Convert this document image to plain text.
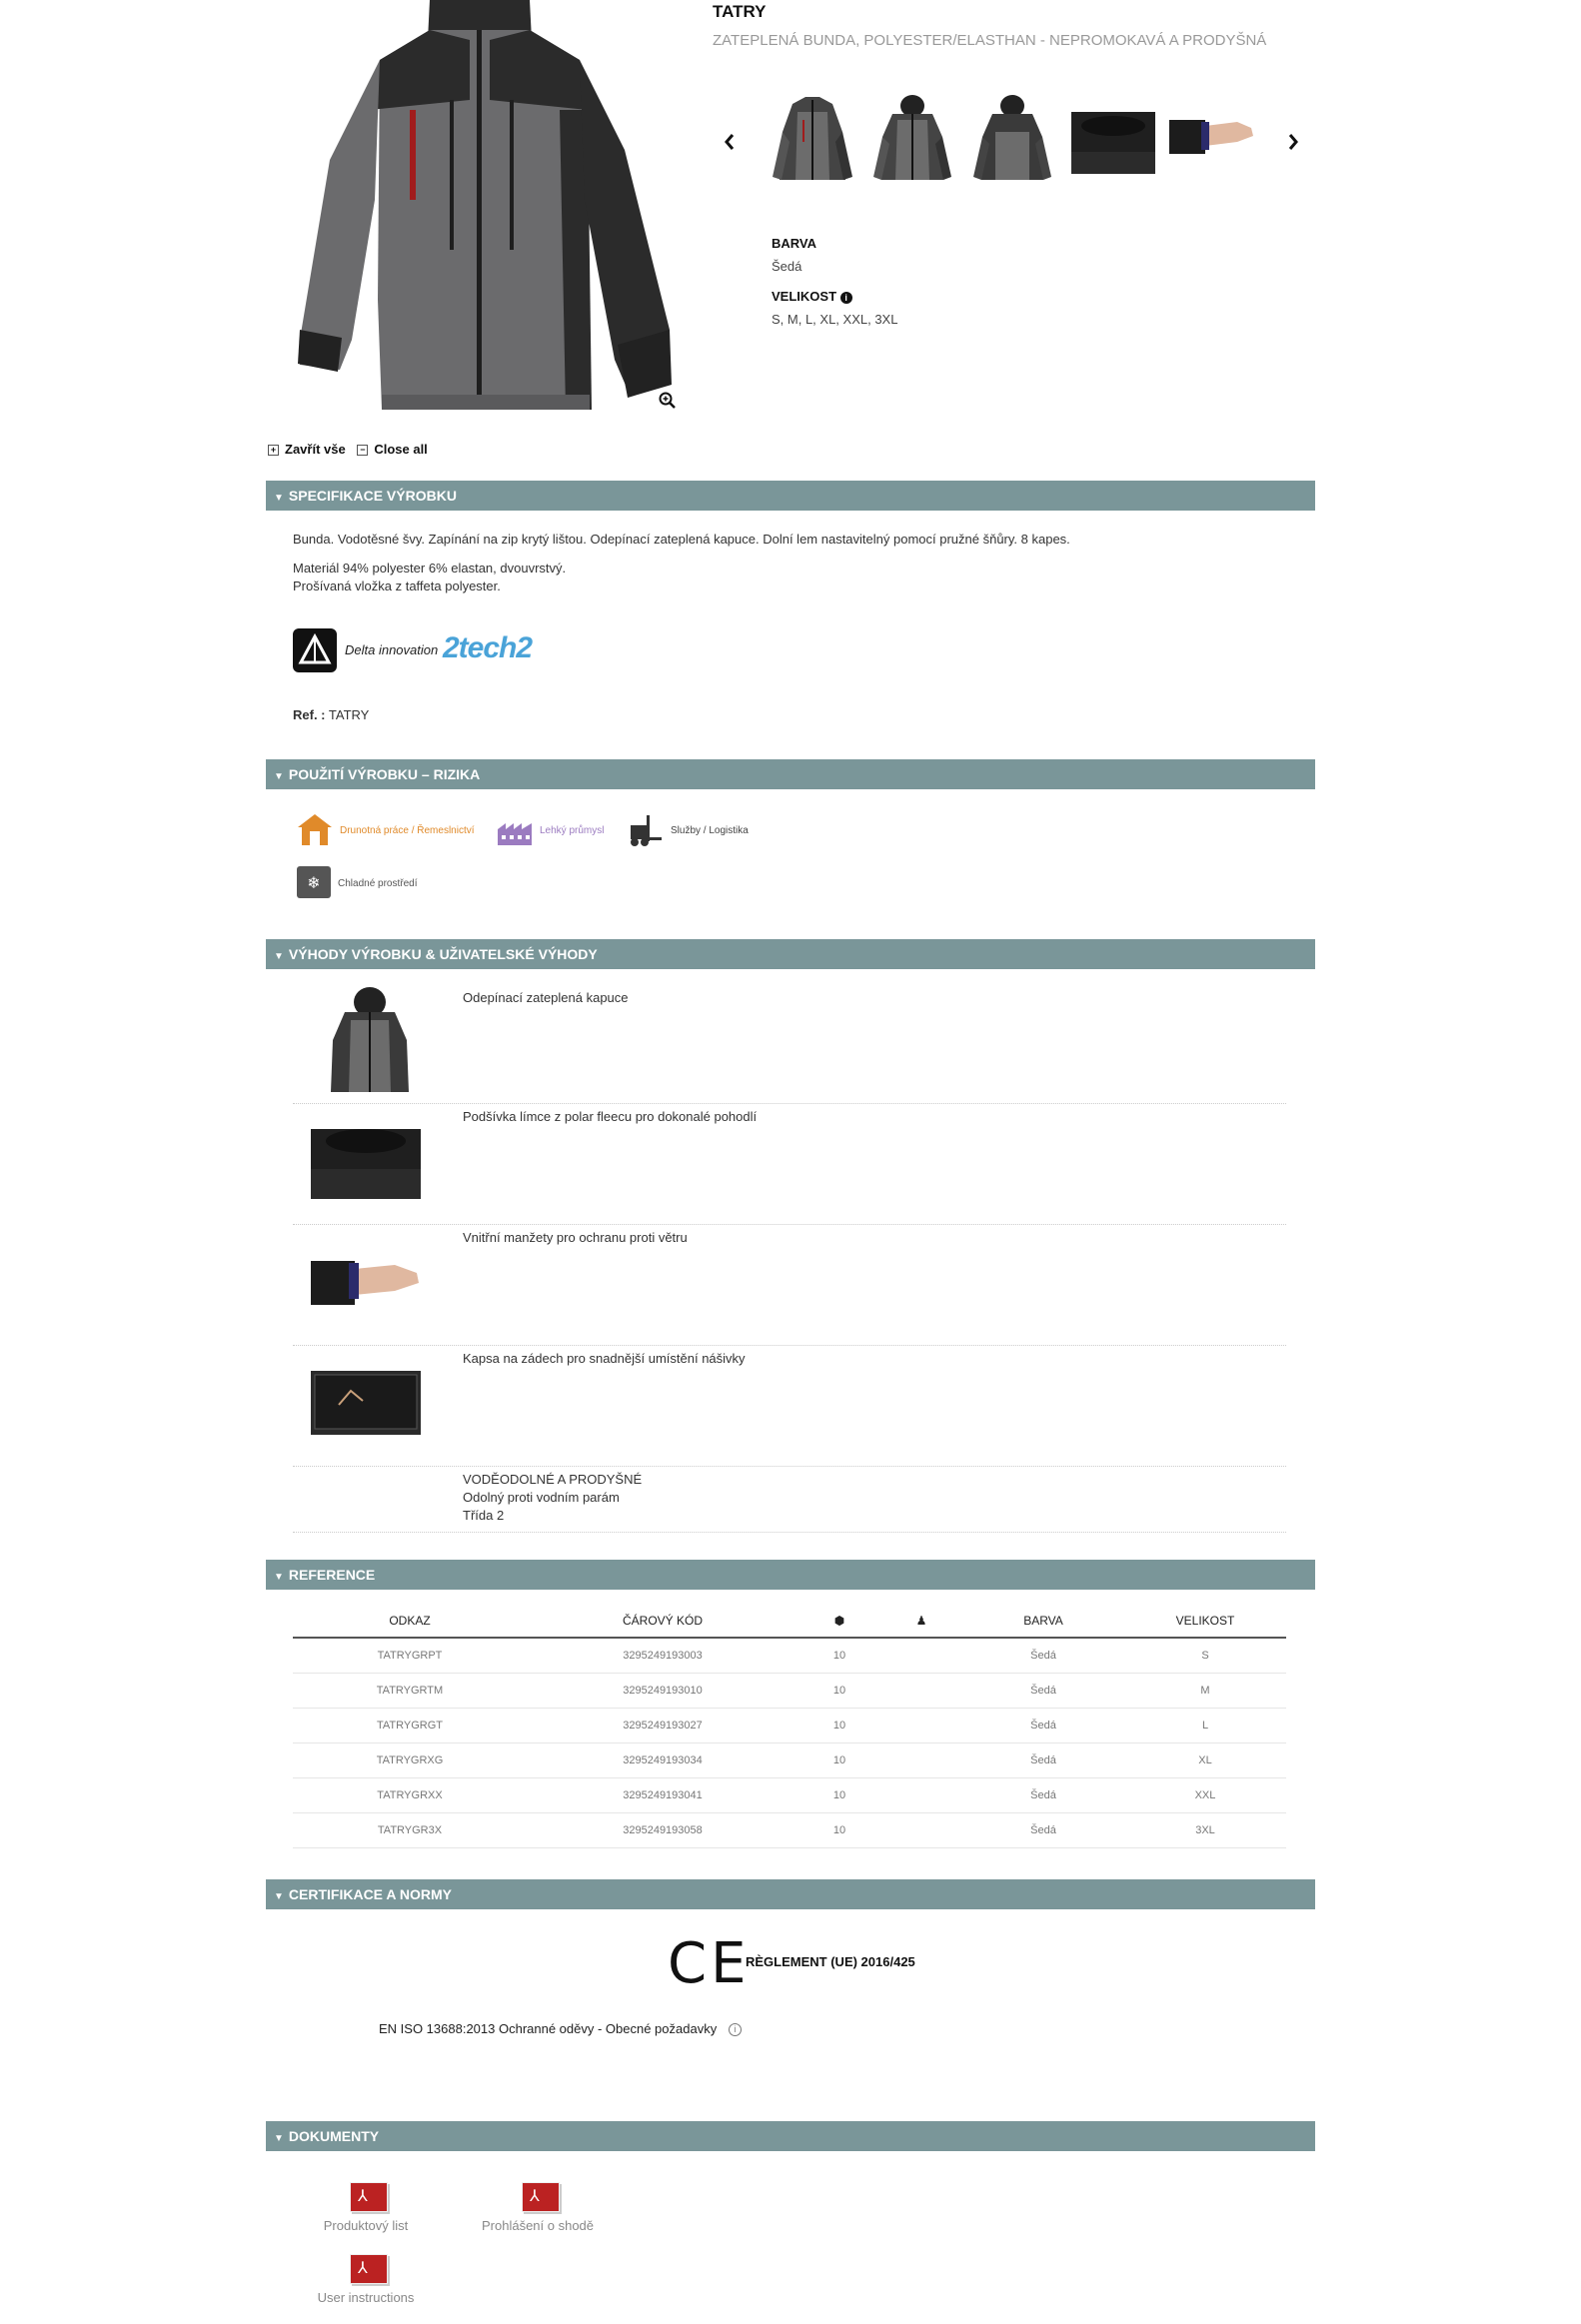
TATRY
ZATEPLENÁ BUNDA, POLYESTER/ELASTHAN - NEPROMOKAVÁ A PRODYŠNÁ
BARVA
Šedá
VELIKOST i
S, M, L, XL, XXL, 3XL
+ Zavřít vše − Close all
▼ SPECIFIKACE VÝROBKU
Bunda. Vodotěsné švy. Zapínání na zip krytý lištou. Odepínací zateplená kapuce. Dolní lem nastavitelný pomocí pružné šňůry. 8 kapes.
Materiál 94% polyester 6% elastan, dvouvrstvý.
Prošívaná vložka z taffeta polyester.
Delta innovation 2tech2
Ref. : TATRY
▼ POUŽITÍ VÝROBKU – RIZIKA
Drunotná práce / Řemeslnictví	Lehký průmysl	Služby / Logistika
❄ Chladné prostředí
▼ VÝHODY VÝROBKU & UŽIVATELSKÉ VÝHODY
Odepínací zateplená kapuce
Podšívka límce z polar fleecu pro dokonalé pohodlí
Vnitřní manžety pro ochranu proti větru
Kapsa na zádech pro snadnější umístění nášivky
VODĚODOLNÉ A PRODYŠNÉ
Odolný proti vodním parám
Třída 2
▼ REFERENCE
ODKAZ	ČÁROVÝ KÓD	⬢	♟	BARVA	VELIKOST
TATRYGRPT	3295249193003	10		Šedá	S
TATRYGRTM	3295249193010	10		Šedá	M
TATRYGRGT	3295249193027	10		Šedá	L
TATRYGRXG	3295249193034	10		Šedá	XL
TATRYGRXX	3295249193041	10		Šedá	XXL
TATRYGR3X	3295249193058	10		Šedá	3XL
▼ CERTIFIKACE A NORMY
CE
RÈGLEMENT (UE) 2016/425
EN ISO 13688:2013 Ochranné oděvy - Obecné požadavky i
▼ DOKUMENTY
⅄
Produktový list
⅄
Prohlášení o shodě
⅄
User instructions
